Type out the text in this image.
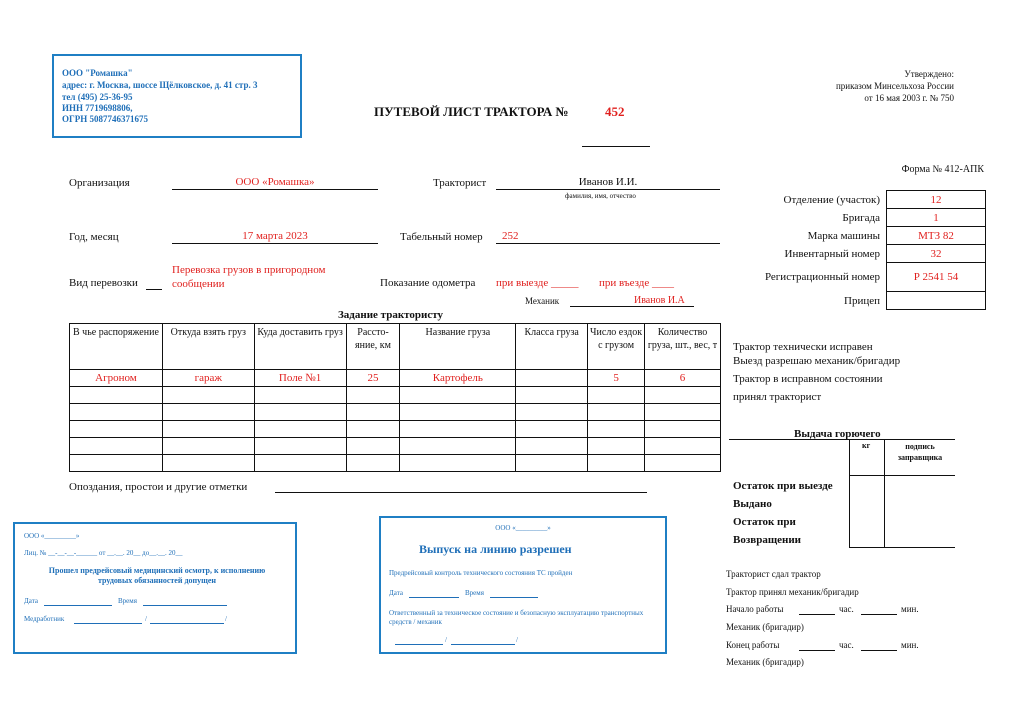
ООО "Ромашка"
адрес: г. Москва, шоссе Щёлковское, д. 41 стр. 3
тел (495) 25-36-95
ИНН 7719698806,
ОГРН 5087746371675	ПУТЕВОЙ ЛИСТ ТРАКТОРА №	452
Утверждено:
приказом Минсельхоза России
от 16 мая 2003 г. № 750
Форма № 412-АПК
Организация	ООО «Ромашка»	Тракторист	Иванов И.И.
фамилия, имя, отчество
Год, месяц	17 марта 2023	Табельный номер	252
Вид перевозки
Перевозка грузов в пригородном сообщении	Показание одометра при выезде _____ при въезде ____
Механик	Иванов И.А
Отделение (участок)	12
Бригада	1
Марка машины	МТЗ 82
Инвентарный номер	32
Регистрационный номер	Р 2541 54
Прицеп	
Трактор технически исправен
Выезд разрешаю механик/бригадир
Трактор в исправном состоянии
принял тракторист
Задание трактористу
В чье распоряжение	Откуда взять груз	Куда доставить груз	Рассто-яние, км	Название груза	Класса груза	Число ездок с грузом	Количество груза, шт., вес, т
Агроном	гараж	Поле №1	25	Картофель		5	6

Опоздания, простои и другие отметки
Выдача горючего
кг	подпись заправщика
Остаток при выезде
Выдано
Остаток при
Возвращении
Тракторист сдал трактор
Трактор принял механик/бригадир
Начало работы	час.	мин.
Механик (бригадир)
Конец работы	час.	мин.
Механик (бригадир)
ООО «_________»
Лиц. № __-__-__-______ от __.__. 20__ до__.__. 20__
Прошел предрейсовый медицинский осмотр, к исполнению трудовых обязанностей допущен
Дата	Время
Медработник	/	/
ООО «_________»
Выпуск на линию разрешен
Предрейсовый контроль технического состояния ТС пройден
Дата	Время
Ответственный за техническое состояние и безопасную эксплуатацию транспортных средств / механик
/	/
